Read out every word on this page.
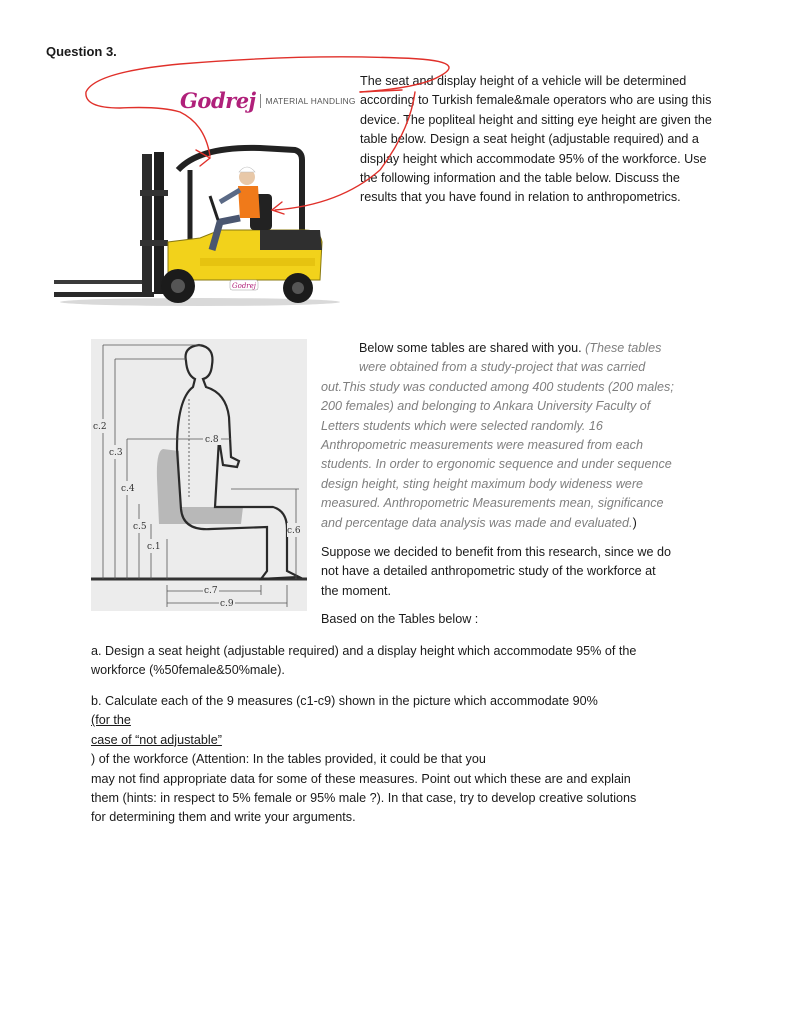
Question 3.
Godrej MATERIAL HANDLING
Godrej
The seat and display height of a vehicle will be determined
according to Turkish female&male operators who are using this
device. The popliteal height and sitting eye height are given the
table below. Design a seat height (adjustable required) and a
display height which accommodate 95% of the workforce. Use
the following information and the table below. Discuss the
results that you have found in relation to anthropometrics.
c.2
c.3
c.4
c.5
c.1
c.6
c.8
c.7
c.9
Below some tables are shared with you. (These tables
were obtained from a study-project that was carried
out.This study was conducted among 400 students (200 males;
200 females) and belonging to Ankara University Faculty of
Letters students which were selected randomly. 16
Anthropometric measurements were measured from each
students. In order to ergonomic sequence and under sequence
design height, sting height maximum body wideness were
measured. Anthropometric Measurements mean, significance
and percentage data analysis was made and evaluated.)
Suppose we decided to benefit from this research, since we do
not have a detailed anthropometric study of the workforce at
the moment.
Based on the Tables below :
a. Design a seat height (adjustable required) and a display height which accommodate 95% of the
workforce (%50female&50%male).
b. Calculate each of the 9 measures (c1-c9) shown in the picture which accommodate 90%
(for the
case of “not adjustable”
) of the workforce (Attention: In the tables provided, it could be that you
may not find appropriate data for some of these measures. Point out which these are and explain
them (hints: in respect to 5% female or 95% male ?). In that case, try to develop creative solutions
for determining them and write your arguments.
